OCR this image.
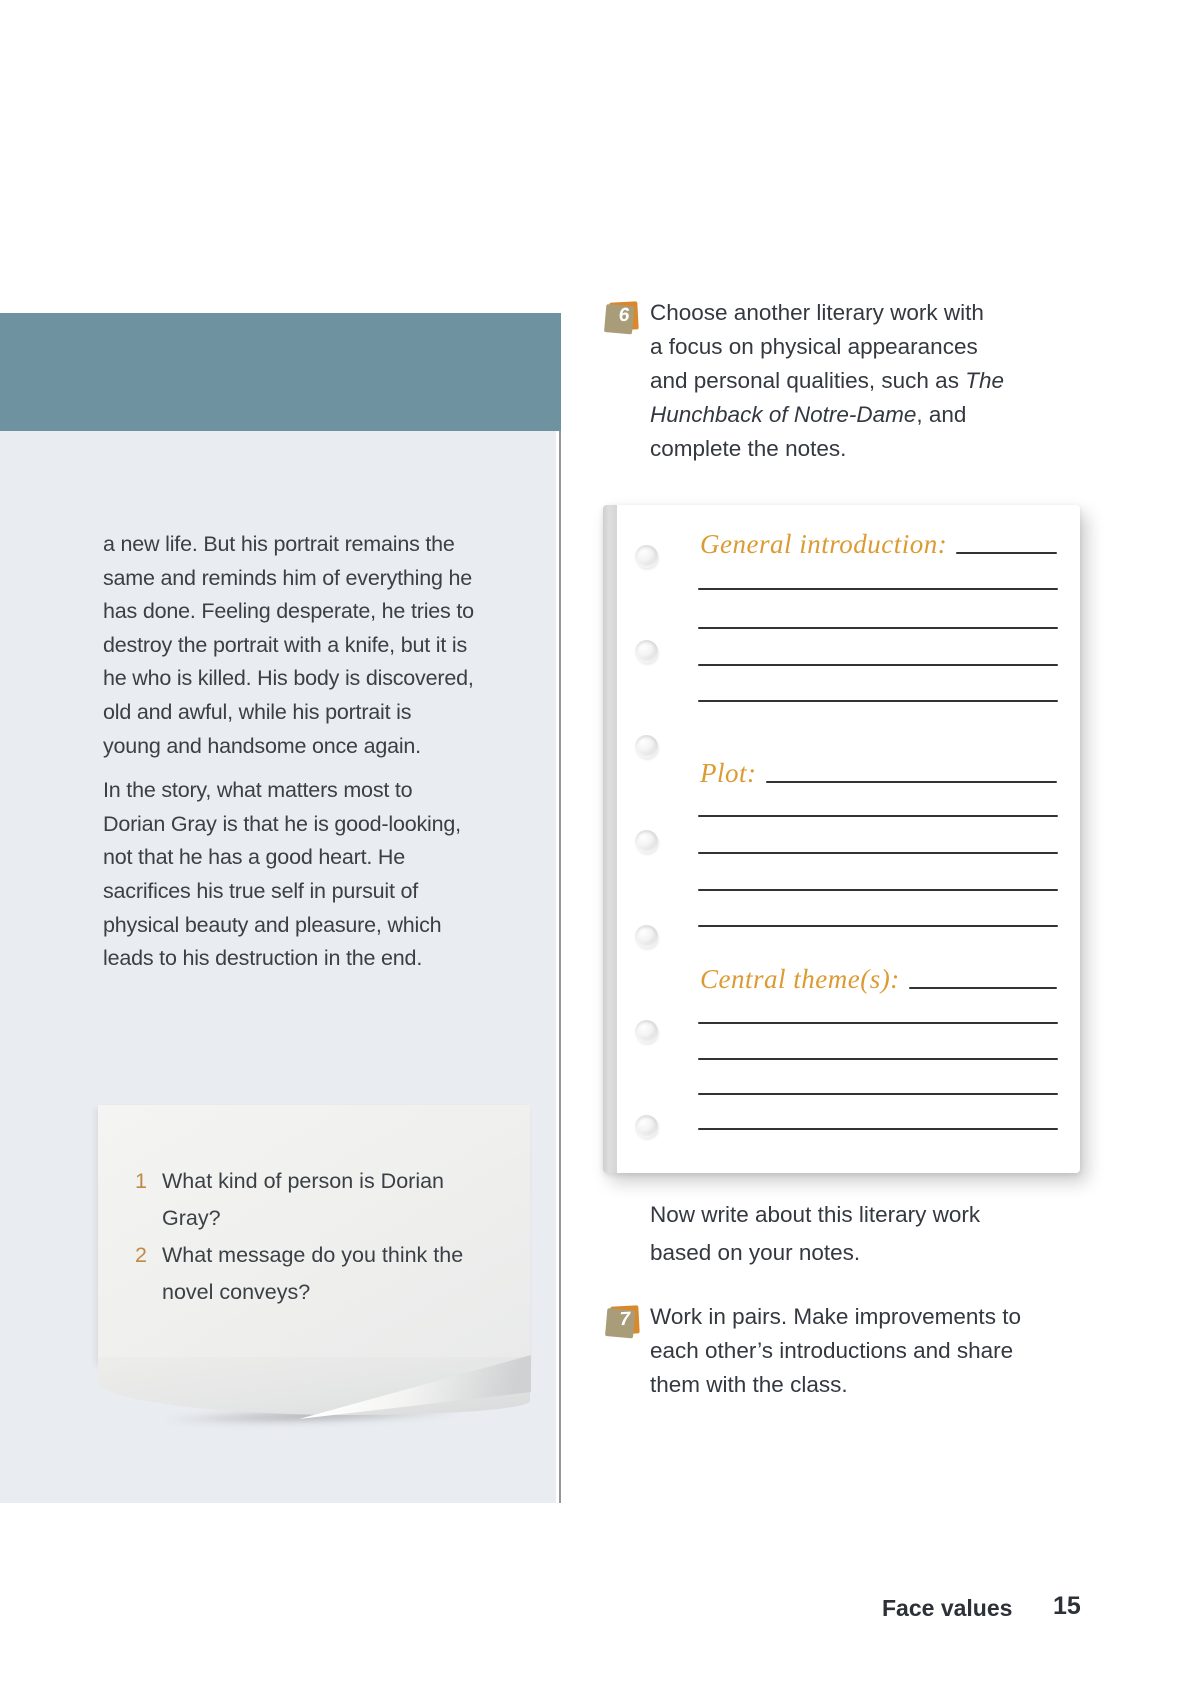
a new life. But his portrait remains the
same and reminds him of everything he
has done. Feeling desperate, he tries to
destroy the portrait with a knife, but it is
he who is killed. His body is discovered,
old and awful, while his portrait is
young and handsome once again.
In the story, what matters most to
Dorian Gray is that he is good-looking,
not that he has a good heart. He
sacrifices his true self in pursuit of
physical beauty and pleasure, which
leads to his destruction in the end.
1 What kind of person is Dorian
Gray?
2 What message do you think the
novel conveys?
6 Choose another literary work with
a focus on physical appearances
and personal qualities, such as The
Hunchback of Notre-Dame, and
complete the notes.
General introduction:
Plot:
Central theme(s):
Now write about this literary work
based on your notes.
7 Work in pairs. Make improvements to
each other’s introductions and share
them with the class.
Face values 15
